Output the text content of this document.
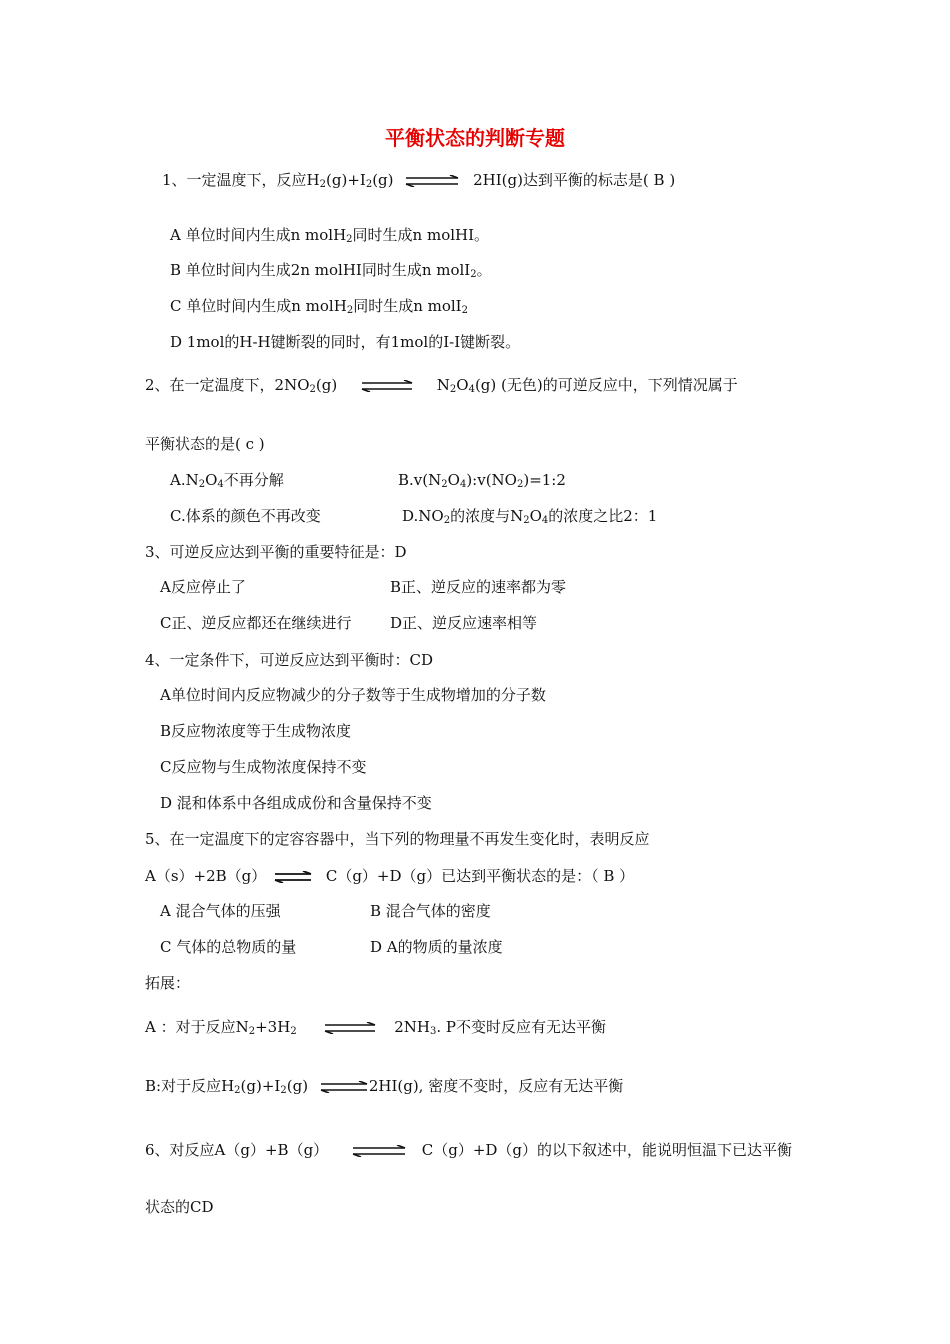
平衡状态的判断专题
1、一定温度下，反应$H_2(g)+I_2(g)$ ⇌ 2HI(g)达到平衡的标志是( B )
A 单位时间内生成n molH$_2$同时生成n molHI。
B 单位时间内生成2n molHI同时生成n molI$_2$。
C 单位时间内生成n molH$_2$同时生成n molI$_2$
D 1mol的H-H键断裂的同时，有1mol的I-I键断裂。
2、在一定温度下，$2NO_2(g)$	$N_2O_4(g)$ (无色)的可逆反应中，下列情况属于
平衡状态的是( c )
$A.N_2O_4$不再分解	$B.v(N_2O_4):v(NO_2)=1:2$
C.体系的颜色不再改变	$D.NO_2$的浓度与$N_2O_4$的浓度之比2：1
3、可逆反应达到平衡的重要特征是：D
A反应停止了	B正、逆反应的速率都为零
C正、逆反应都还在继续进行	D正、逆反应速率相等
4、一定条件下，可逆反应达到平衡时：CD
A单位时间内反应物减少的分子数等于生成物增加的分子数
B反应物浓度等于生成物浓度
C反应物与生成物浓度保持不变
D 混和体系中各组成成份和含量保持不变
5、在一定温度下的定容容器中，当下列的物理量不再发生变化时，表明反应
A（s）+2B（g） ⇌ C（g）+D（g）已达到平衡状态的是：（ B ）
A 混合气体的压强	B 混合气体的密度
C 气体的总物质的量	D A的物质的量浓度
拓展：
A ：对于反应$N_2+3H_2$ ⇌ $2NH_3$. P不变时反应有无达平衡
B:对于反应$H_2(g)+I_2(g)$ ⇌2HI(g), 密度不变时，反应有无达平衡
6、对反应A（g）+B（g） ⇌ C（g）+D（g）的以下叙述中，能说明恒温下已达平衡
状态的CD
